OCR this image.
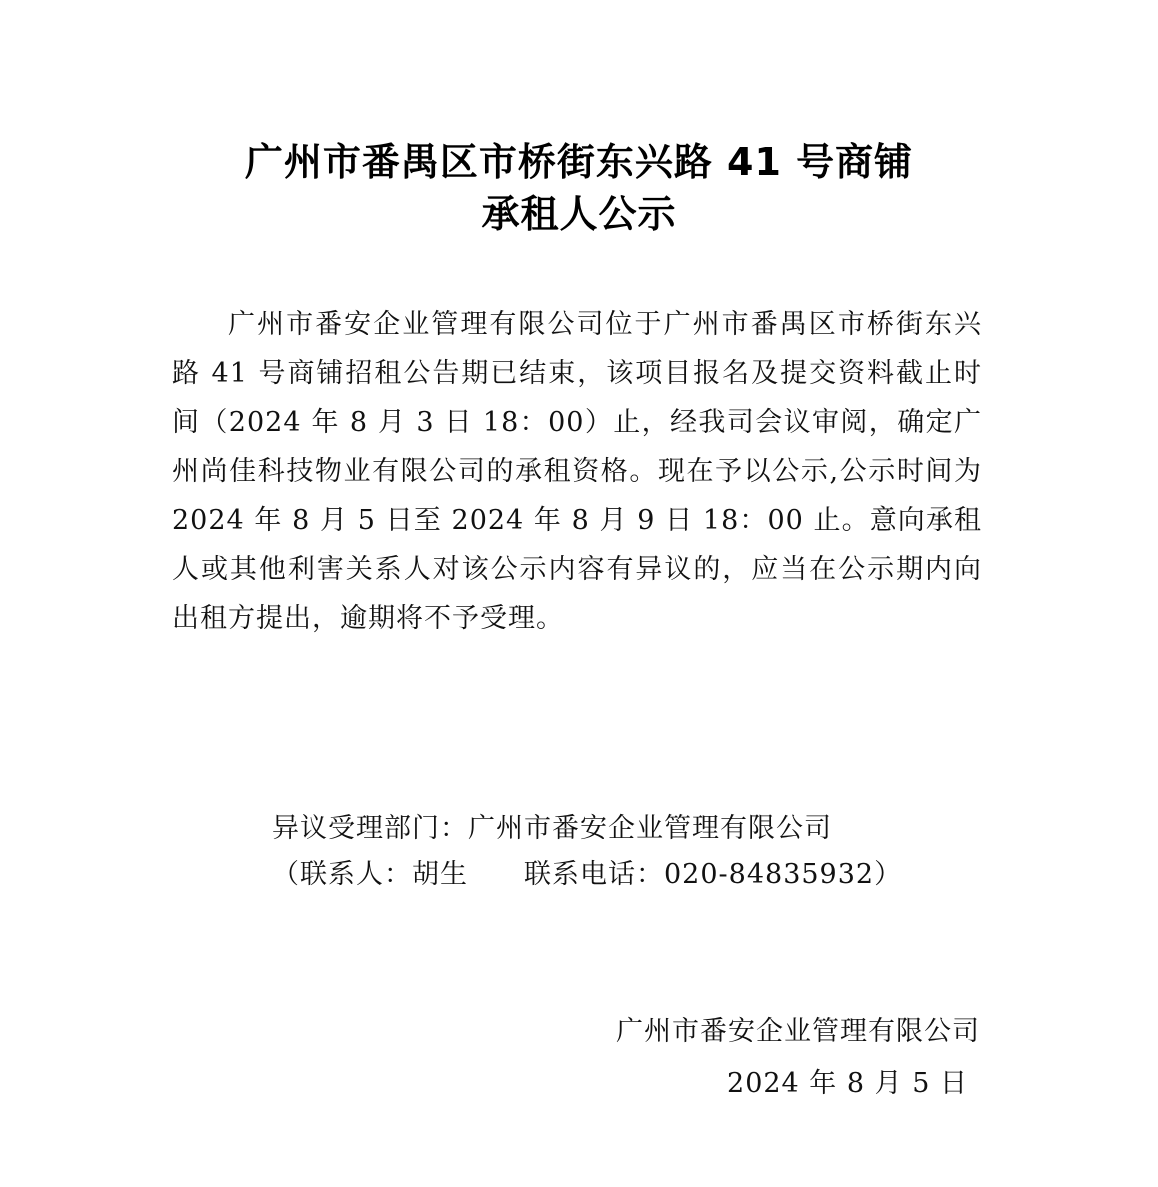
广州市番禺区市桥街东兴路 41 号商铺
承租人公示
广州市番安企业管理有限公司位于广州市番禺区市桥街东兴路 41 号商铺招租公告期已结束，该项目报名及提交资料截止时间（2024 年 8 月 3 日 18：00）止，经我司会议审阅，确定广州尚佳科技物业有限公司的承租资格。现在予以公示,公示时间为 2024 年 8 月 5 日至 2024 年 8 月 9 日 18：00 止。意向承租人或其他利害关系人对该公示内容有异议的，应当在公示期内向出租方提出，逾期将不予受理。
异议受理部门：广州市番安企业管理有限公司
（联系人：胡生　　联系电话：020-84835932）
广州市番安企业管理有限公司
2024 年 8 月 5 日
